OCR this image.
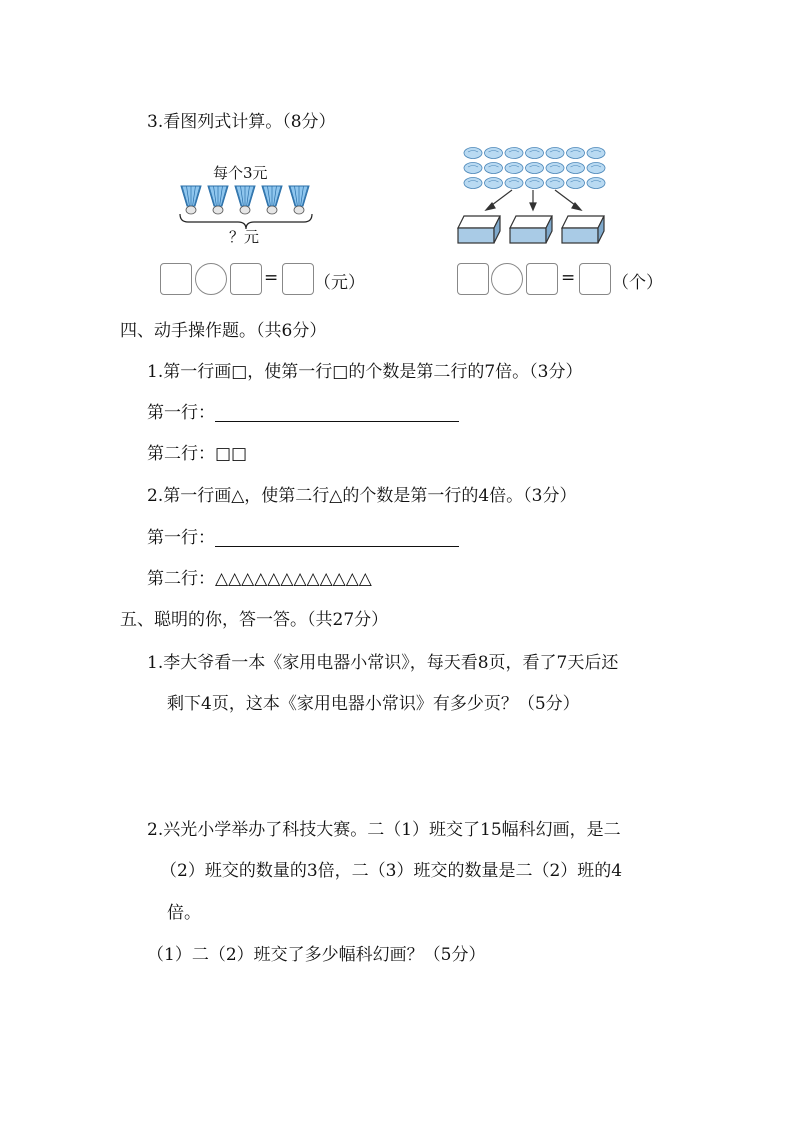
3.看图列式计算。（8分）
每个3元
？元
= （元）	= （个）
四、动手操作题。（共6分）
1.第一行画□，使第一行□的个数是第二行的7倍。（3分）
第一行：
第二行：□□
2.第一行画△，使第二行△的个数是第一行的4倍。（3分）
第一行：
第二行：△△△△△△△△△△△△
五、聪明的你，答一答。（共27分）
1.李大爷看一本《家用电器小常识》，每天看8页，看了7天后还
剩下4页，这本《家用电器小常识》有多少页？（5分）
2.兴光小学举办了科技大赛。二（1）班交了15幅科幻画，是二
（2）班交的数量的3倍，二（3）班交的数量是二（2）班的4
倍。
（1）二（2）班交了多少幅科幻画？（5分）
